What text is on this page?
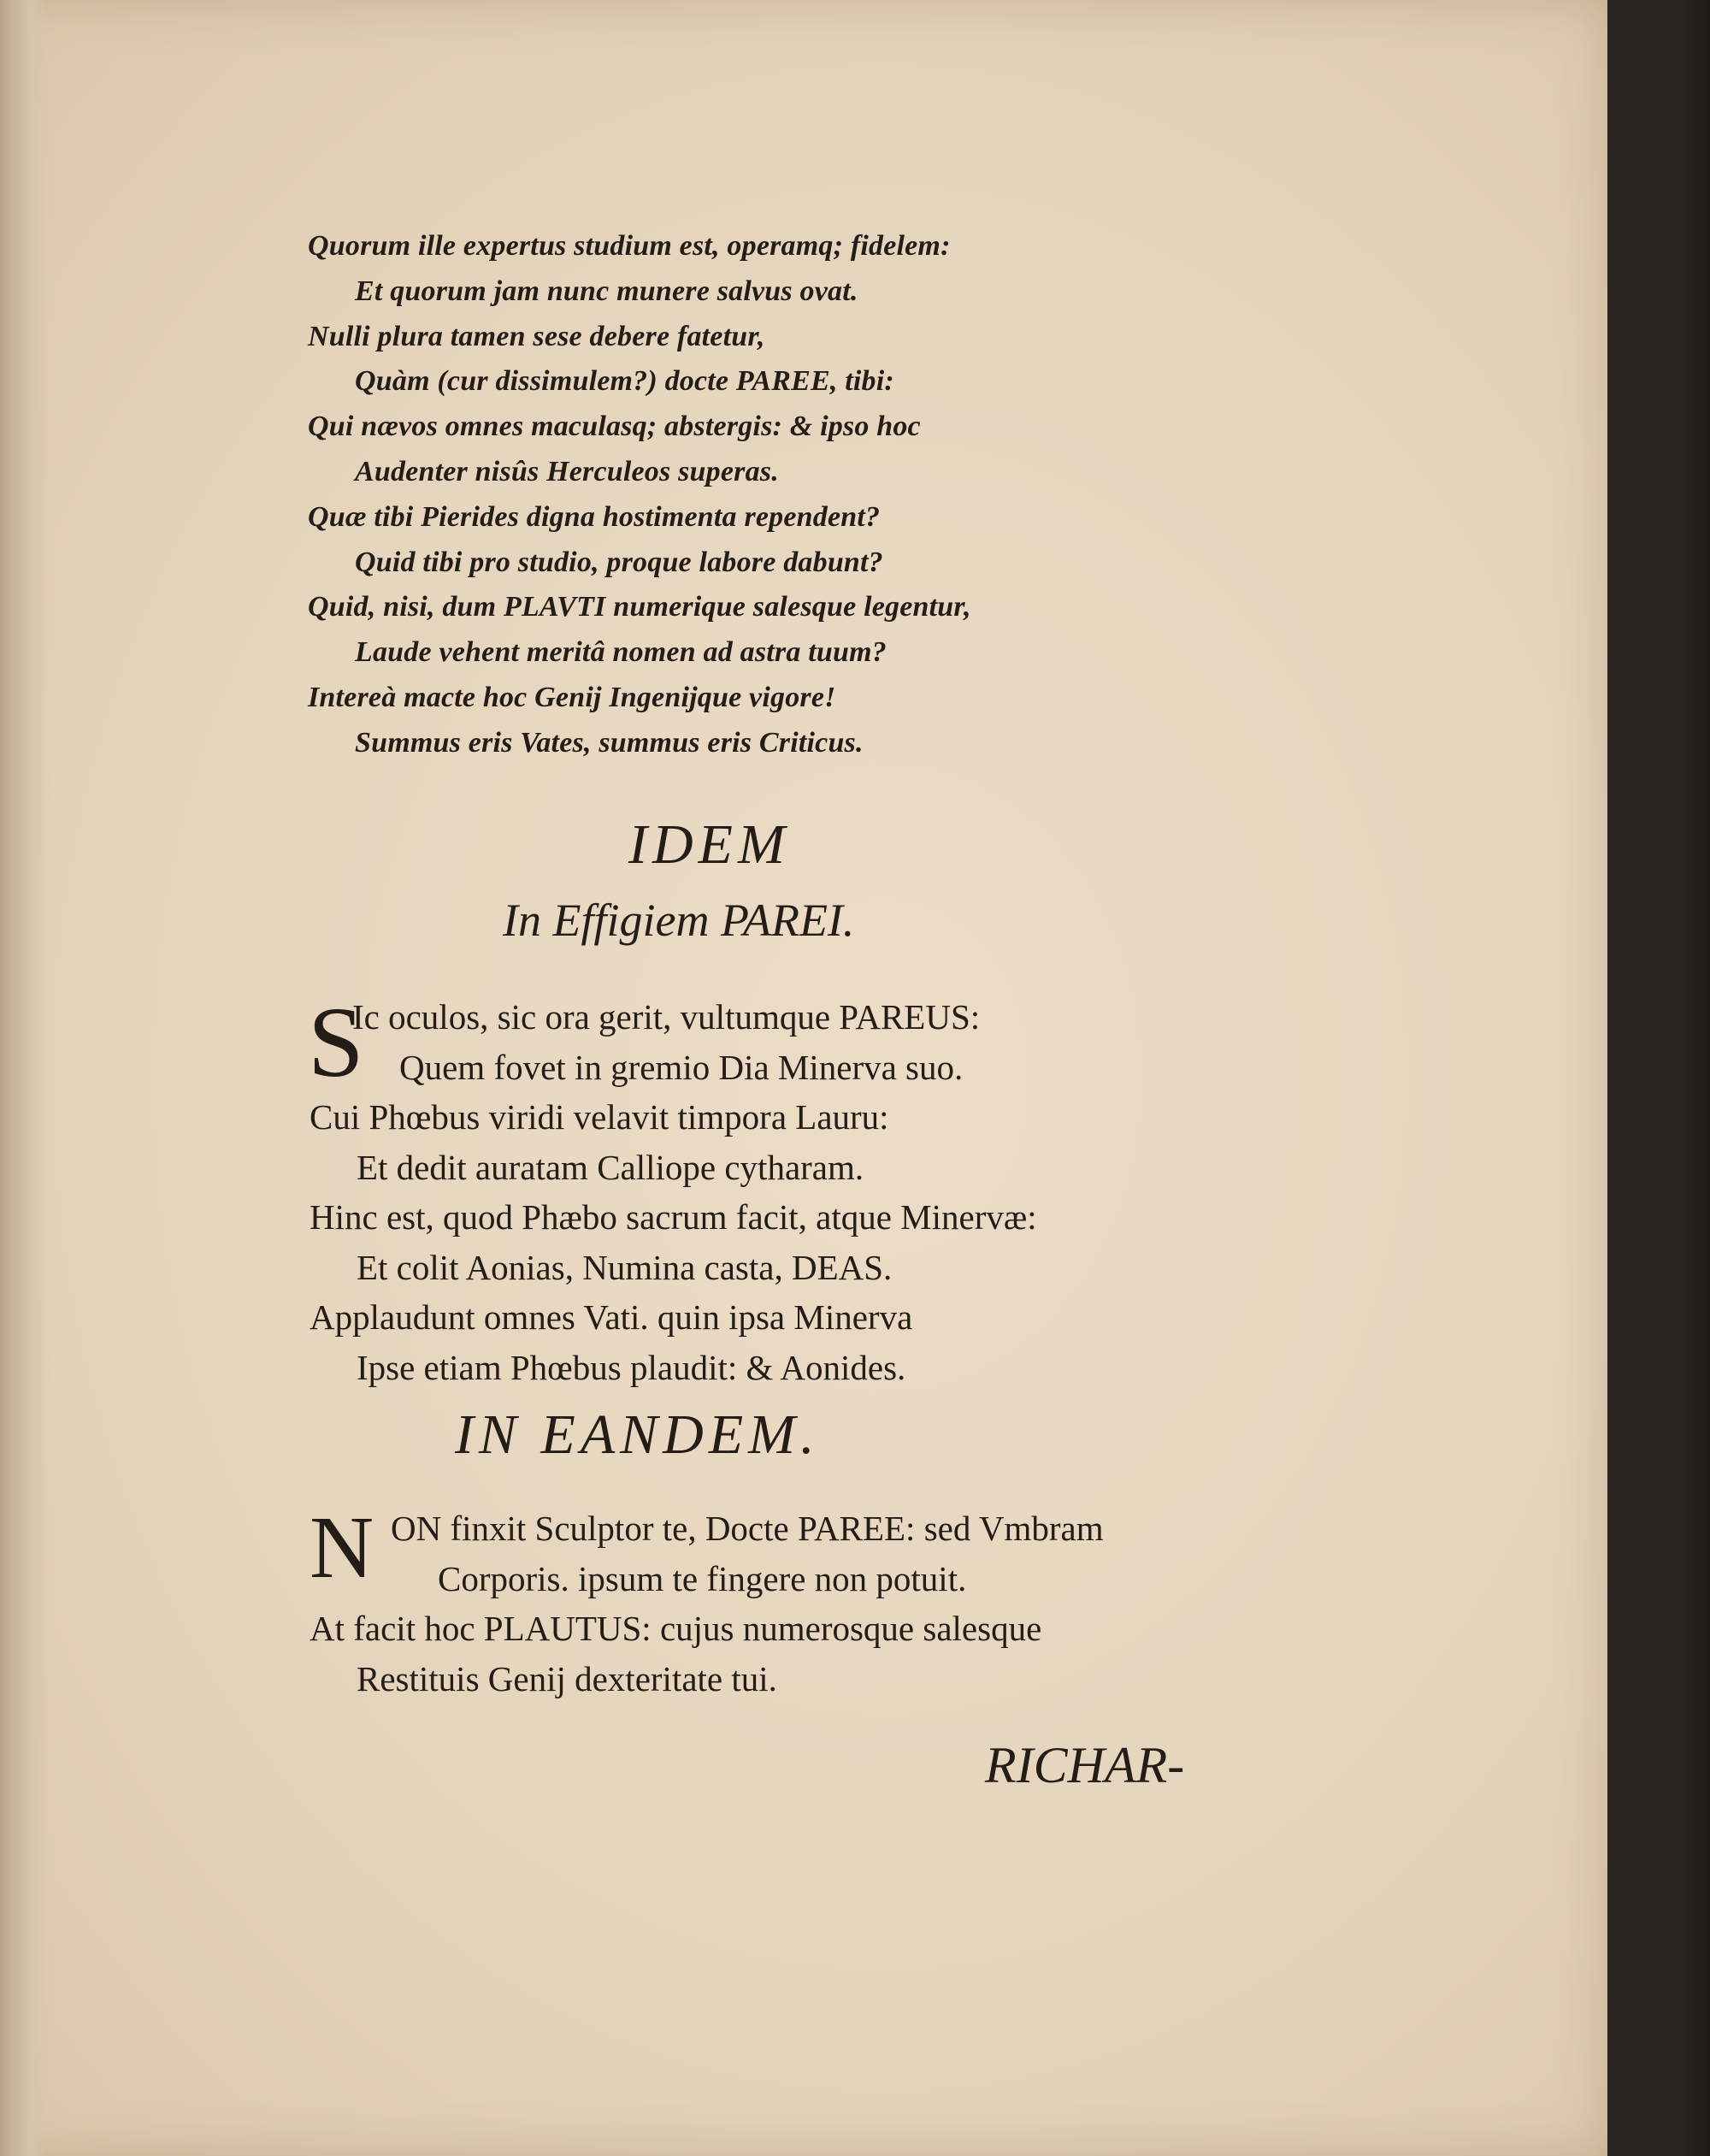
Quorum ille expertus studium est, operamq; fidelem:
Et quorum jam nunc munere salvus ovat.
Nulli plura tamen sese debere fatetur,
Quàm (cur dissimulem?) docte PAREE, tibi:
Qui nævos omnes maculasq; abstergis: & ipso hoc
Audenter nisûs Herculeos superas.
Quæ tibi Pierides digna hostimenta rependent?
Quid tibi pro studio, proque labore dabunt?
Quid, nisi, dum PLAVTI numerique salesque legentur,
Laude vehent meritâ nomen ad astra tuum?
Intereà macte hoc Genij Ingenijque vigore!
Summus eris Vates, summus eris Criticus.
IDEM
In Effigiem PAREI.
S
Ic oculos, sic ora gerit, vultumque PAREUS:
Quem fovet in gremio Dia Minerva suo.
Cui Phœbus viridi velavit timpora Lauru:
Et dedit auratam Calliope cytharam.
Hinc est, quod Phæbo sacrum facit, atque Minervæ:
Et colit Aonias, Numina casta, DEAS.
Applaudunt omnes Vati. quin ipsa Minerva
Ipse etiam Phœbus plaudit: & Aonides.
IN EANDEM.
N ON finxit Sculptor te, Docte PAREE: sed Vmbram
Corporis. ipsum te fingere non potuit.
At facit hoc PLAUTUS: cujus numerosque salesque
Restituis Genij dexteritate tui.
RICHAR-
